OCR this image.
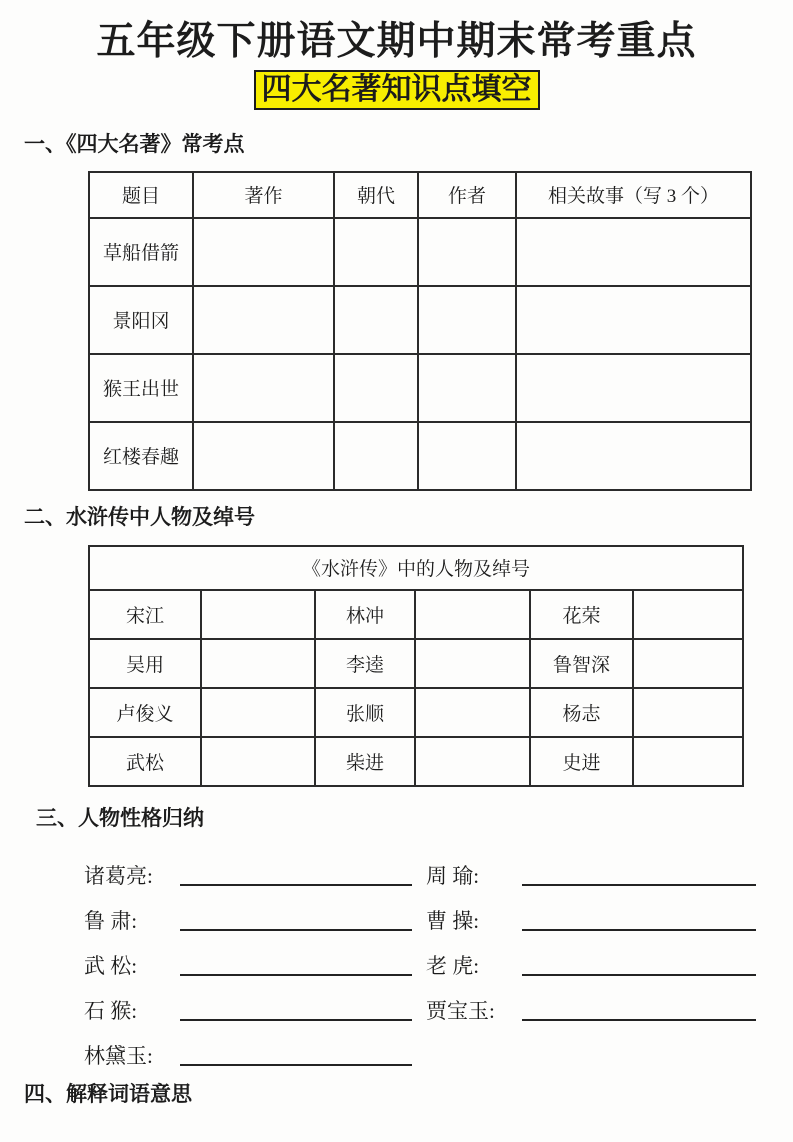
五年级下册语文期中期末常考重点
四大名著知识点填空
一、《四大名著》常考点
题目	著作	朝代	作者	相关故事（写 3 个）
草船借箭				
景阳冈				
猴王出世				
红楼春趣				
二、水浒传中人物及绰号
《水浒传》中的人物及绰号					
宋江		林冲		花荣	
吴用		李逵		鲁智深	
卢俊义		张顺		杨志	
武松		柴进		史进	
三、人物性格归纳
诸葛亮:	周 瑜:
鲁 肃:	曹 操:
武 松:	老 虎:
石 猴:	贾宝玉:
林黛玉:
四、解释词语意思
